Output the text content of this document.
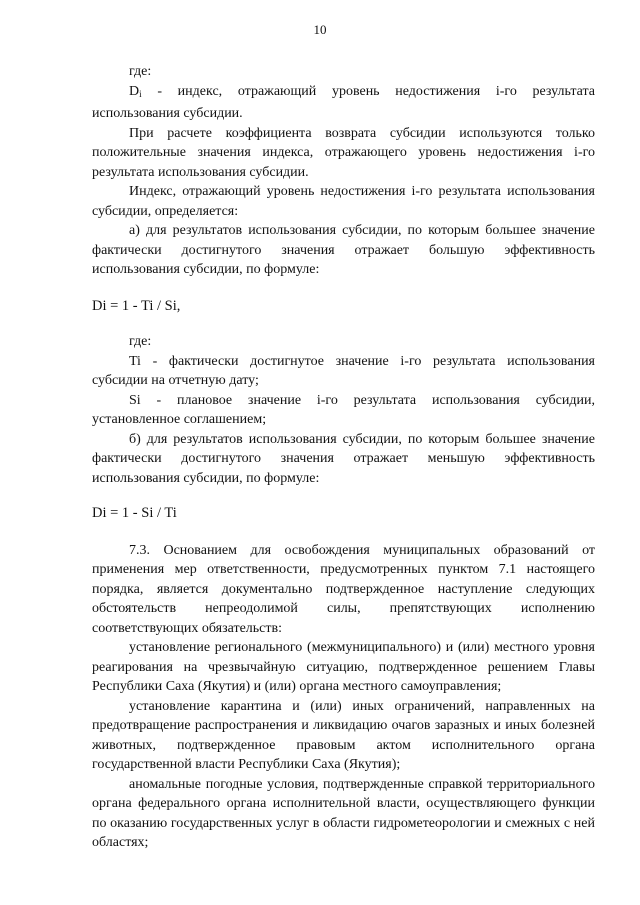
10

где:

$D_i$ - индекс, отражающий уровень недостижения i-го результата использования субсидии.

При расчете коэффициента возврата субсидии используются только положительные значения индекса, отражающего уровень недостижения i-го результата использования субсидии.

Индекс, отражающий уровень недостижения i-го результата использования субсидии, определяется:

а) для результатов использования субсидии, по которым большее значение фактически достигнутого значения отражает большую эффективность использования субсидии, по формуле:

Di = 1 - Ti / Si,

где:

Ti - фактически достигнутое значение i-го результата использования субсидии на отчетную дату;

Si - плановое значение i-го результата использования субсидии, установленное соглашением;

б) для результатов использования субсидии, по которым большее значение фактически достигнутого значения отражает меньшую эффективность использования субсидии, по формуле:

Di = 1 - Si / Ti

7.3. Основанием для освобождения муниципальных образований от применения мер ответственности, предусмотренных пунктом 7.1 настоящего порядка, является документально подтвержденное наступление следующих обстоятельств непреодолимой силы, препятствующих исполнению соответствующих обязательств:

установление регионального (межмуниципального) и (или) местного уровня реагирования на чрезвычайную ситуацию, подтвержденное решением Главы Республики Саха (Якутия) и (или) органа местного самоуправления;

установление карантина и (или) иных ограничений, направленных на предотвращение распространения и ликвидацию очагов заразных и иных болезней животных, подтвержденное правовым актом исполнительного органа государственной власти Республики Саха (Якутия);

аномальные погодные условия, подтвержденные справкой территориального органа федерального органа исполнительной власти, осуществляющего функции по оказанию государственных услуг в области гидрометеорологии и смежных с ней областях;
